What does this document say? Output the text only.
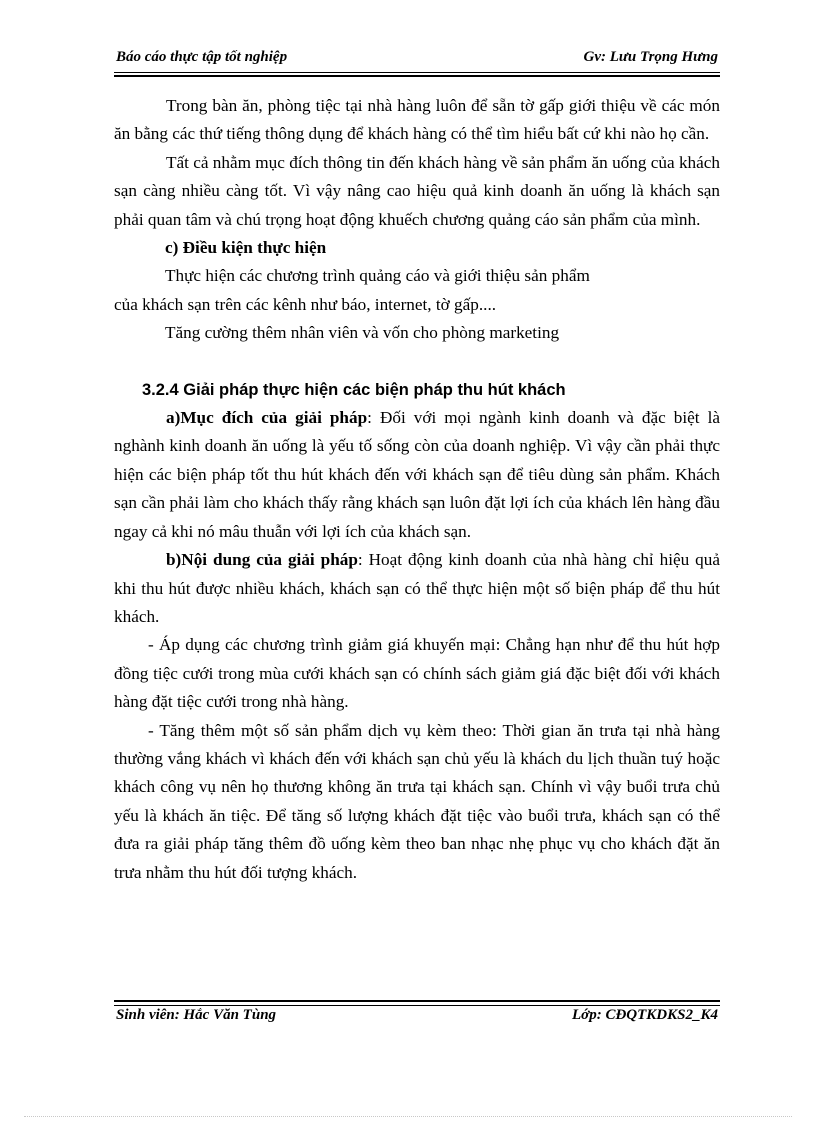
Báo cáo thực tập tốt nghiệp	Gv: Lưu Trọng Hưng

Trong bàn ăn, phòng tiệc tại nhà hàng luôn để sẵn tờ gấp giới thiệu về các món ăn bằng các thứ tiếng thông dụng để khách hàng có thể tìm hiểu bất cứ khi nào họ cần.

Tất cả nhằm mục đích thông tin đến khách hàng về sản phẩm ăn uống của khách sạn càng nhiều càng tốt. Vì vậy nâng cao hiệu quả kinh doanh ăn uống là khách sạn phải quan tâm và chú trọng hoạt động khuếch chương quảng cáo sản phẩm của mình.

c) Điều kiện thực hiện

Thực hiện các chương trình quảng cáo và giới thiệu sản phẩm

của khách sạn trên các kênh như báo, internet, tờ gấp....

Tăng cường thêm nhân viên và vốn cho phòng marketing

3.2.4 Giải pháp thực hiện các biện pháp thu hút khách

a)Mục đích của giải pháp: Đối với mọi ngành kinh doanh và đặc biệt là nghành kinh doanh ăn uống là yếu tố sống còn của doanh nghiệp. Vì vậy cần phải thực hiện các biện pháp tốt thu hút khách đến với khách sạn để tiêu dùng sản phẩm. Khách sạn cần phải làm cho khách thấy rằng khách sạn luôn đặt lợi ích của khách lên hàng đầu ngay cả khi nó mâu thuẫn với lợi ích của khách sạn.

b)Nội dung của giải pháp: Hoạt động kinh doanh của nhà hàng chỉ hiệu quả khi thu hút được nhiều khách, khách sạn có thể thực hiện một số biện pháp để thu hút khách.

- Áp dụng các chương trình giảm giá khuyến mại: Chẳng hạn như để thu hút hợp đồng tiệc cưới trong mùa cưới khách sạn có chính sách giảm giá đặc biệt đối với khách hàng đặt tiệc cưới trong nhà hàng.

- Tăng thêm một số sản phẩm dịch vụ kèm theo: Thời gian ăn trưa tại nhà hàng thường vắng khách vì khách đến với khách sạn chủ yếu là khách du lịch thuần tuý hoặc khách công vụ nên họ thương không ăn trưa tại khách sạn. Chính vì vậy buổi trưa chủ yếu là khách ăn tiệc. Để tăng số lượng khách đặt tiệc vào buổi trưa, khách sạn có thể đưa ra giải pháp tăng thêm đồ uống kèm theo ban nhạc nhẹ phục vụ cho khách đặt ăn trưa nhằm thu hút đối tượng khách.

Sinh viên: Hắc Văn Tùng	Lớp: CĐQTKDKS2_K4
